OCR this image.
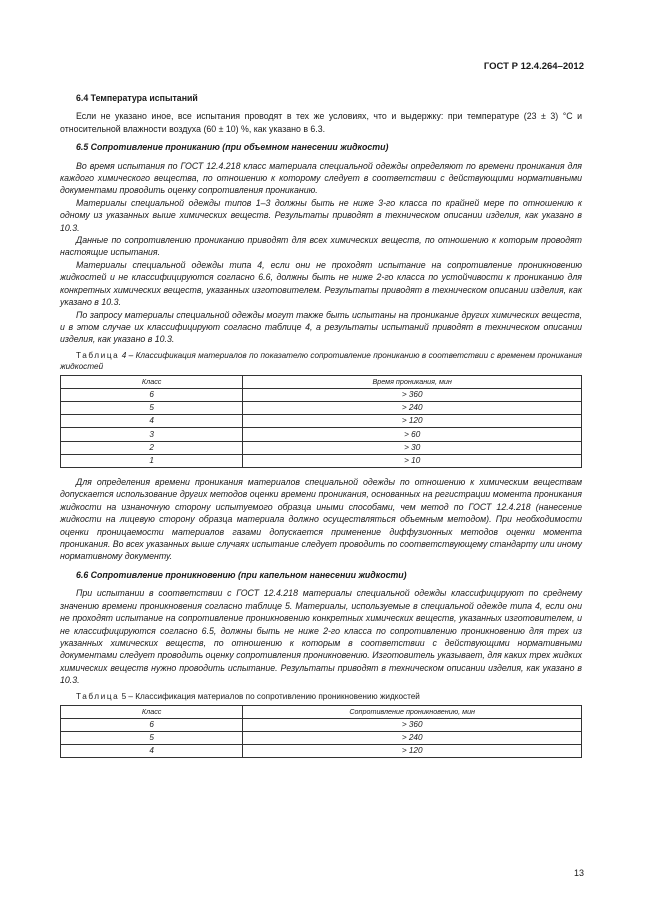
ГОСТ Р 12.4.264–2012
6.4 Температура испытаний

Если не указано иное, все испытания проводят в тех же условиях, что и выдержку: при температуре (23 ± 3) °С и относительной влажности воздуха (60 ± 10) %, как указано в 6.3.

6.5 Сопротивление прониканию (при объемном нанесении жидкости)

Во время испытания по ГОСТ 12.4.218 класс материала специальной одежды определяют по времени проникания для каждого химического вещества, по отношению к которому следует в соответствии с действующими нормативными документами проводить оценку сопротивления прониканию.

Материалы специальной одежды типов 1–3 должны быть не ниже 3-го класса по крайней мере по отношению к одному из указанных выше химических веществ. Результаты приводят в техническом описании изделия, как указано в 10.3.

Данные по сопротивлению прониканию приводят для всех химических веществ, по отношению к которым проводят настоящие испытания.

Материалы специальной одежды типа 4, если они не проходят испытание на сопротивление проникновению жидкостей и не классифицируются согласно 6.6, должны быть не ниже 2-го класса по устойчивости к прониканию для конкретных химических веществ, указанных изготовителем. Результаты приводят в техническом описании изделия, как указано в 10.3.

По запросу материалы специальной одежды могут также быть испытаны на проникание других химических веществ, и в этом случае их классифицируют согласно таблице 4, а результаты испытаний приводят в техническом описании изделия, как указано в 10.3.

Таблица 4 – Классификация материалов по показателю сопротивление прониканию в соответствии с временем проникания жидкостей

Класс	Время проникания, мин
6	> 360
5	> 240
4	> 120
3	> 60
2	> 30
1	> 10

Для определения времени проникания материалов специальной одежды по отношению к химическим веществам допускается использование других методов оценки времени проникания, основанных на регистрации момента проникания жидкости на изнаночную сторону испытуемого образца иными способами, чем метод по ГОСТ 12.4.218 (нанесение жидкости на лицевую сторону образца материала должно осуществляться объемным методом). При необходимости оценки проницаемости материалов газами допускается применение диффузионных методов оценки момента проникания. Во всех указанных выше случаях испытание следует проводить по соответствующему стандарту или иному нормативному документу.

6.6 Сопротивление проникновению (при капельном нанесении жидкости)

При испытании в соответствии с ГОСТ 12.4.218 материалы специальной одежды классифицируют по среднему значению времени проникновения согласно таблице 5. Материалы, используемые в специальной одежде типа 4, если они не проходят испытание на сопротивление проникновению конкретных химических веществ, указанных изготовителем, и не классифицируются согласно 6.5, должны быть не ниже 2-го класса по сопротивлению проникновению для трех из указанных химических веществ, по отношению к которым в соответствии с действующими нормативными документами следует проводить оценку сопротивления проникновению. Изготовитель указывает, для каких трех жидких химических веществ нужно проводить испытание. Результаты приводят в техническом описании изделия, как указано в 10.3.

Таблица 5 – Классификация материалов по сопротивлению проникновению жидкостей

Класс	Сопротивление проникновению, мин
6	> 360
5	> 240
4	> 120
13
